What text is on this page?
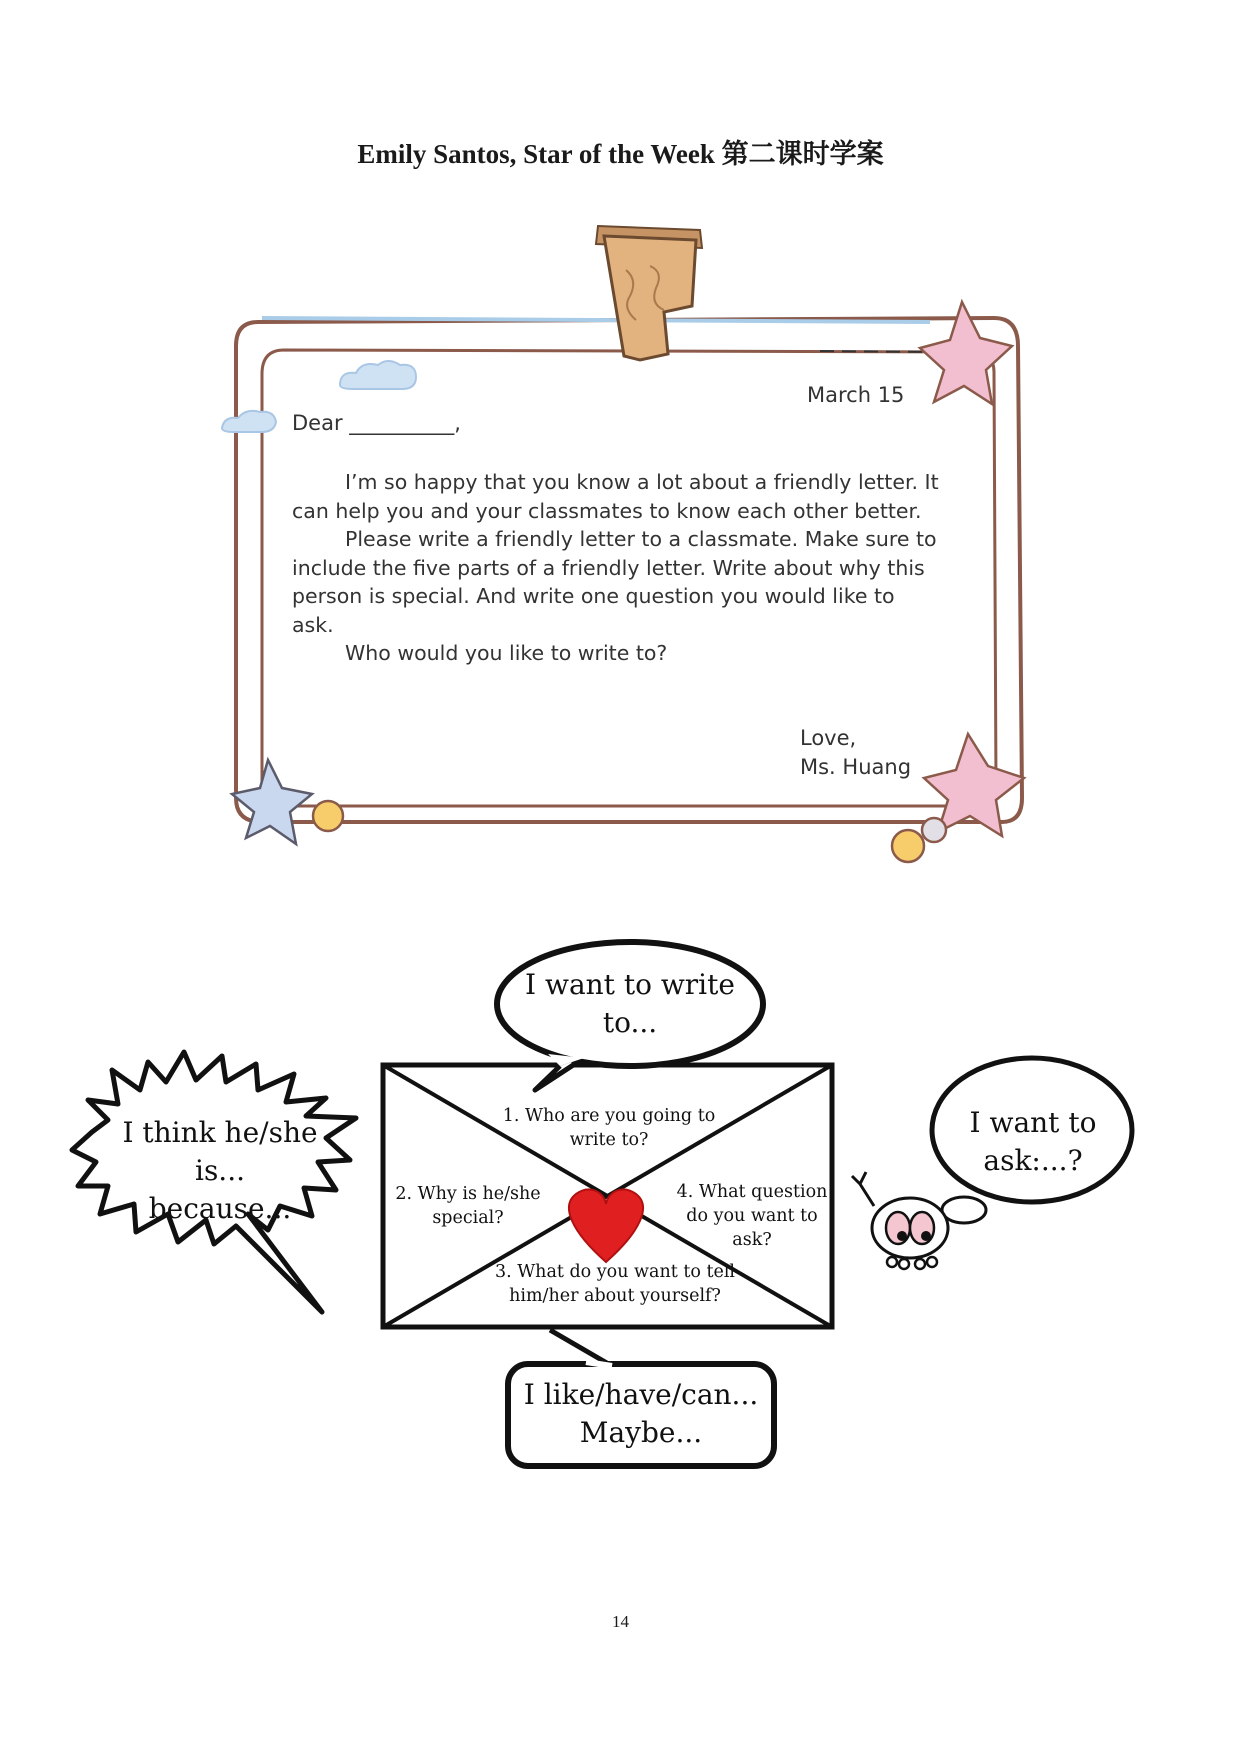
Emily Santos, Star of the Week 第二课时学案
March 15
Dear __________,

I’m so happy that you know a lot about a friendly letter. It can help you and your classmates to know each other better.

Please write a friendly letter to a classmate. Make sure to include the five parts of a friendly letter. Write about why this person is special. And write one question you would like to ask.

Who would you like to write to?

Love,
Ms. Huang
I want to write to...
I think he/she is... because...
I want to ask:...?
I like/have/can... Maybe...
1. Who are you going to write to?
2. Why is he/she special?
3. What do you want to tell him/her about yourself?
4. What question do you want to ask?
14
